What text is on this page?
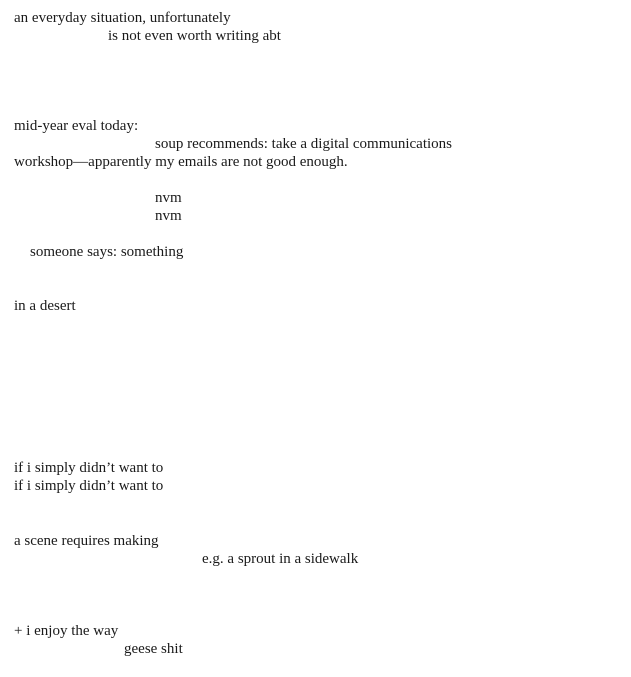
an everyday situation, unfortunately
is not even worth writing abt
mid-year eval today:
soup recommends: take a digital communications
workshop—apparently my emails are not good enough.
nvm
nvm
someone says: something
in a desert
if i simply didn’t want to
if i simply didn’t want to
a scene requires making
e.g. a sprout in a sidewalk
+ i enjoy the way
geese shit
